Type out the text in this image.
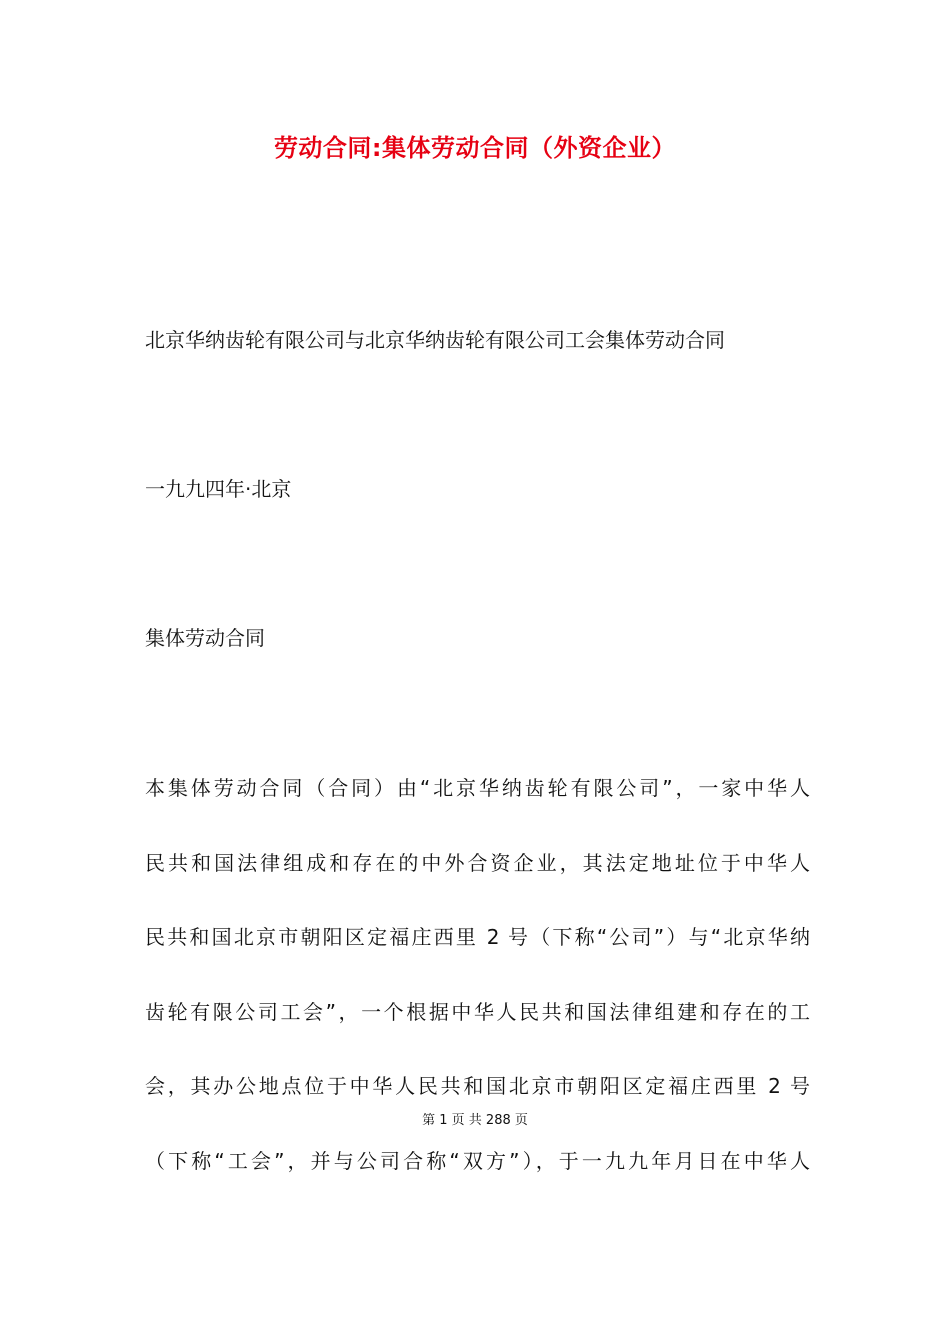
劳动合同:集体劳动合同（外资企业）
北京华纳齿轮有限公司与北京华纳齿轮有限公司工会集体劳动合同
一九九四年·北京
集体劳动合同
本集体劳动合同（合同）由“北京华纳齿轮有限公司”，一家中华人
民共和国法律组成和存在的中外合资企业，其法定地址位于中华人
民共和国北京市朝阳区定福庄西里 2 号（下称“公司”）与“北京华纳
齿轮有限公司工会”，一个根据中华人民共和国法律组建和存在的工
会，其办公地点位于中华人民共和国北京市朝阳区定福庄西里 2 号
第 1 页 共 288 页
（下称“工会”，并与公司合称“双方”），于一九九年月日在中华人
